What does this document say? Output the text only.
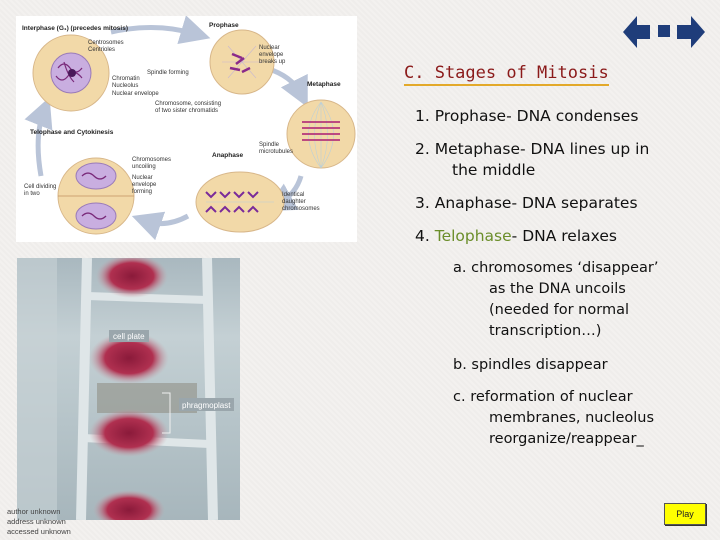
Interphase (G₁) (precedes mitosis)
Centrosomes
Centrioles
Chromatin
Nucleolus
Nuclear envelope
Prophase
Nuclear
envelope
breaks up
Spindle forming
Metaphase
Chromosome, consisting
of two sister chromatids
Telophase and Cytokinesis
Chromosomes
uncoiling
Nuclear
envelope
forming
Spindle
microtubules
Anaphase
Cell dividing
in two	Identical
daughter
chromosomes
C. Stages of Mitosis
1. Prophase- DNA condenses
2. Metaphase- DNA lines up in
the middle
3. Anaphase- DNA separates
4. Telophase- DNA relaxes
a. chromosomes ‘disappear’
as the DNA uncoils
(needed for normal
transcription…)
b. spindles disappear
c. reformation of nuclear
membranes, nucleolus
reorganize/reappear_
cell plate
phragmoplast
author unknown
address unknown
accessed unknown
Play
